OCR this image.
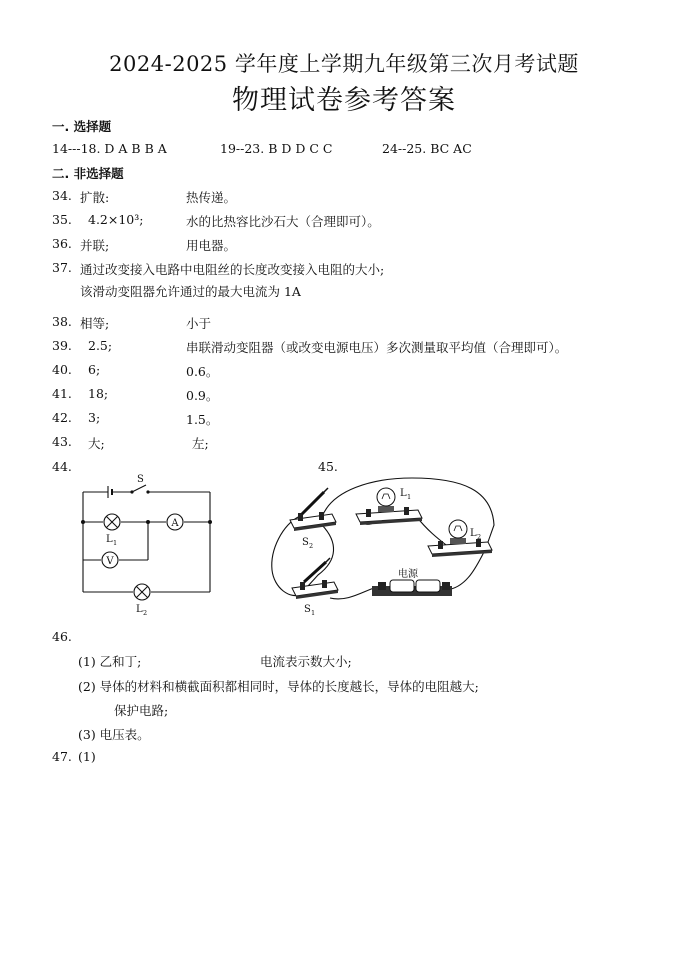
2024-2025 学年度上学期九年级第三次月考试题
物理试卷参考答案
一. 选择题
14---18. D A B B A	19--23. B D D C C	24--25. BC AC
二. 非选择题
34. 扩散:	热传递。
35. 4.2×10³;	水的比热容比沙石大（合理即可）。
36. 并联;	用电器。
37. 通过改变接入电路中电阻丝的长度改变接入电阻的大小;
该滑动变阻器允许通过的最大电流为 1A
38. 相等;	小于
39. 2.5;	串联滑动变阻器（或改变电源电压）多次测量取平均值（合理即可）。
40. 6;	0.6。
41. 18;	0.9。
42. 3;	1.5。
43. 大;	左;
44.	45.
A
V
S
L 1
L 2
S 2
L 1
L 2
电源
S 1
46.
(1) 乙和丁;	电流表示数大小;
(2) 导体的材料和横截面积都相同时，导体的长度越长，导体的电阻越大;
保护电路;
(3) 电压表。
47. (1)
